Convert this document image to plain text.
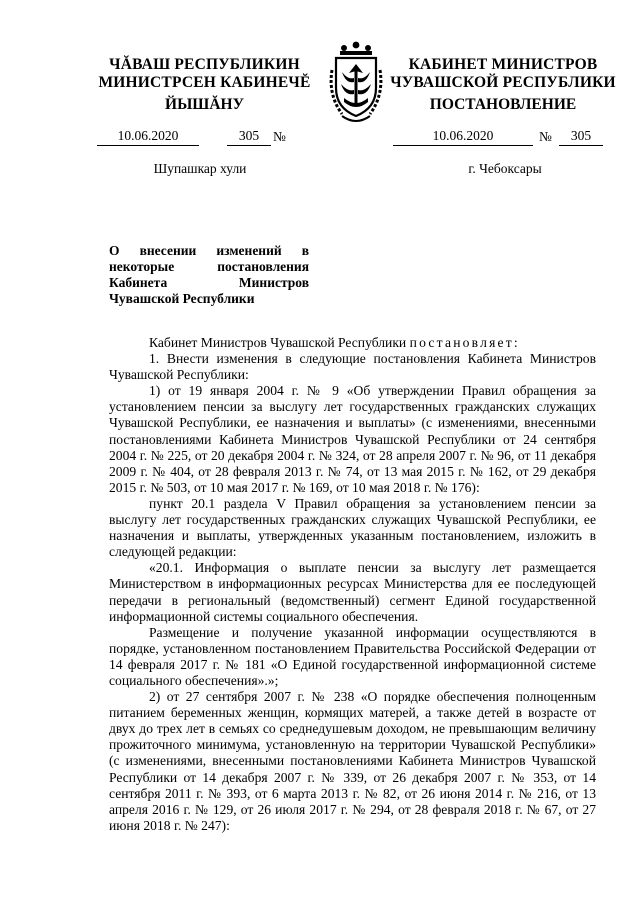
ЧĂВАШ РЕСПУБЛИКИН
МИНИСТРСЕН КАБИНЕЧĔ
ЙЫШĂНУ
КАБИНЕТ МИНИСТРОВ
ЧУВАШСКОЙ РЕСПУБЛИКИ
ПОСТАНОВЛЕНИЕ
10.06.2020	305	№	10.06.2020	№	305
Шупашкар хули	г. Чебоксары
О внесении изменений в некоторые постановления Кабинета Министров Чувашской Республики

Кабинет Министров Чувашской Республики постановляет:

1. Внести изменения в следующие постановления Кабинета Министров Чувашской Республики:

1) от 19 января 2004 г. № 9 «Об утверждении Правил обращения за установлением пенсии за выслугу лет государственных гражданских служащих Чувашской Республики, ее назначения и выплаты» (с изменениями, внесенными постановлениями Кабинета Министров Чувашской Республики от 24 сентября 2004 г. № 225, от 20 декабря 2004 г. № 324, от 28 апреля 2007 г. № 96, от 11 декабря 2009 г. № 404, от 28 февраля 2013 г. № 74, от 13 мая 2015 г. № 162, от 29 декабря 2015 г. № 503, от 10 мая 2017 г. № 169, от 10 мая 2018 г. № 176):

пункт 20.1 раздела V Правил обращения за установлением пенсии за выслугу лет государственных гражданских служащих Чувашской Республики, ее назначения и выплаты, утвержденных указанным постановлением, изложить в следующей редакции:

«20.1. Информация о выплате пенсии за выслугу лет размещается Министерством в информационных ресурсах Министерства для ее последующей передачи в региональный (ведомственный) сегмент Единой государственной информационной системы социального обеспечения.

Размещение и получение указанной информации осуществляются в порядке, установленном постановлением Правительства Российской Федерации от 14 февраля 2017 г. № 181 «О Единой государственной информационной системе социального обеспечения».»;

2) от 27 сентября 2007 г. № 238 «О порядке обеспечения полноценным питанием беременных женщин, кормящих матерей, а также детей в возрасте от двух до трех лет в семьях со среднедушевым доходом, не превышающим величину прожиточного минимума, установленную на территории Чувашской Республики» (с изменениями, внесенными постановлениями Кабинета Министров Чувашской Республики от 14 декабря 2007 г. № 339, от 26 декабря 2007 г. № 353, от 14 сентября 2011 г. № 393, от 6 марта 2013 г. № 82, от 26 июня 2014 г. № 216, от 13 апреля 2016 г. № 129, от 26 июля 2017 г. № 294, от 28 февраля 2018 г. № 67, от 27 июня 2018 г. № 247):
